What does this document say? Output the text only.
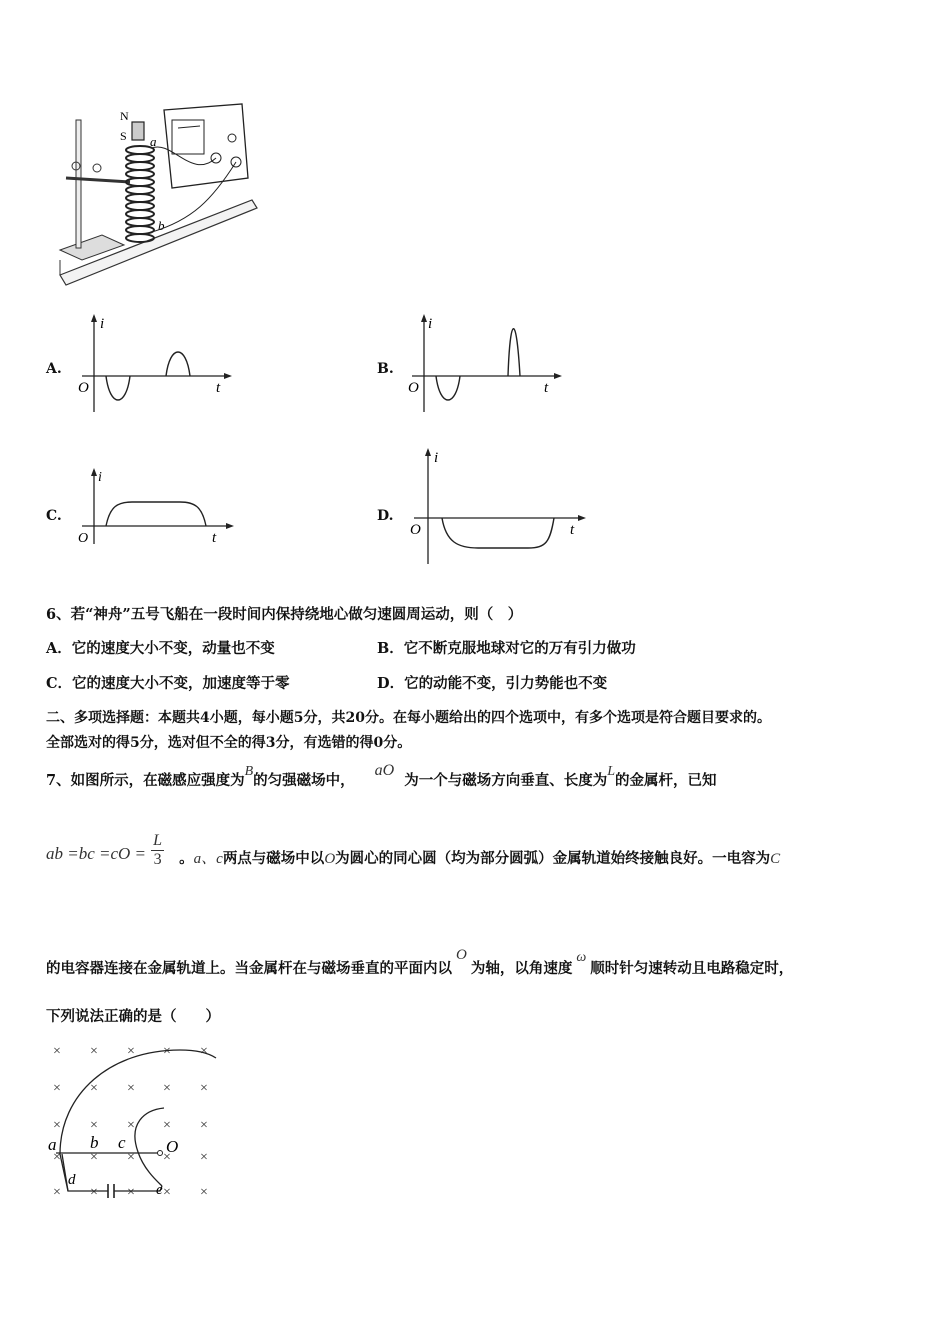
N
S a
b
A.
i
t
O
B.
i
t
O
C.
i
t
O
D.
i
t
O
6、若“神舟”五号飞船在一段时间内保持绕地心做匀速圆周运动，则（　）
A．它的速度大小不变，动量也不变	B．它不断克服地球对它的万有引力做功
C．它的速度大小不变，加速度等于零	D．它的动能不变，引力势能也不变
二、多项选择题：本题共4小题，每小题5分，共20分。在每小题给出的四个选项中，有多个选项是符合题目要求的。
全部选对的得5分，选对但不全的得3分，有选错的得0分。
7、如图所示，在磁感应强度为B的匀强磁场中，aO为一个与磁场方向垂直、长度为L的金属杆，已知
ab $=bc =cO = \frac{L}{3}$ 。a、c两点与磁场中以O为圆心的同心圆（均为部分圆弧）金属轨道始终接触良好。一电容为C
的电容器连接在金属轨道上。当金属杆在与磁场垂直的平面内以O为轴，以角速度ω顺时针匀速转动且电路稳定时，
下列说法正确的是（　　）
× × × × ×
× × × × ×
× × × × ×
× × × × ×
× × × × ×
a b c O
d
e
